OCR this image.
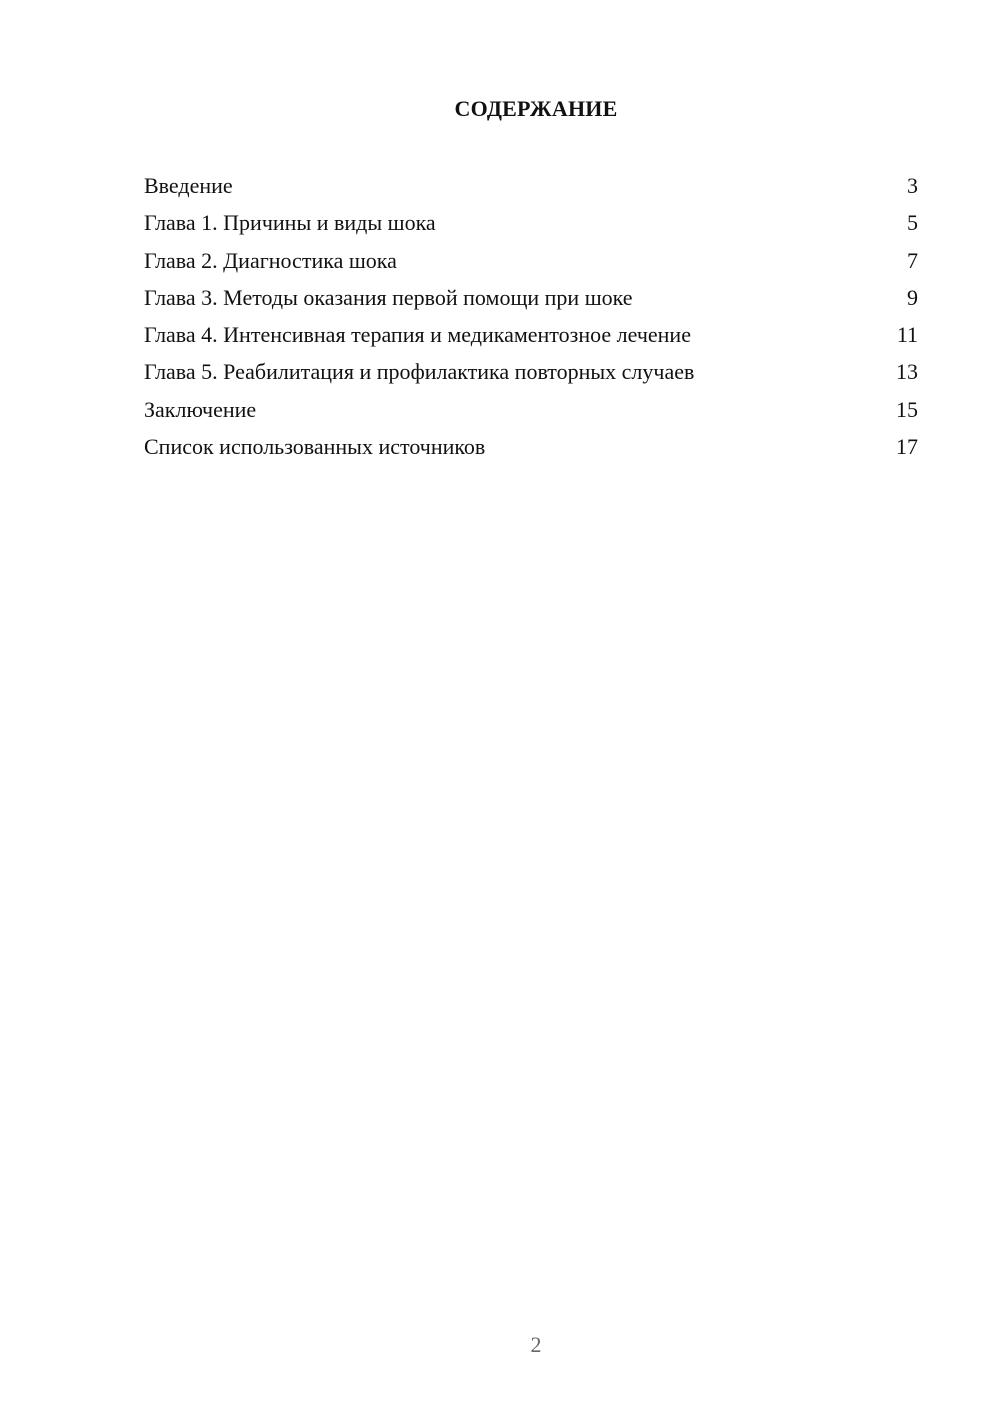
СОДЕРЖАНИЕ
Введение	3
Глава 1. Причины и виды шока	5
Глава 2. Диагностика шока	7
Глава 3. Методы оказания первой помощи при шоке	9
Глава 4. Интенсивная терапия и медикаментозное лечение	11
Глава 5. Реабилитация и профилактика повторных случаев	13
Заключение	15
Список использованных источников	17
2
